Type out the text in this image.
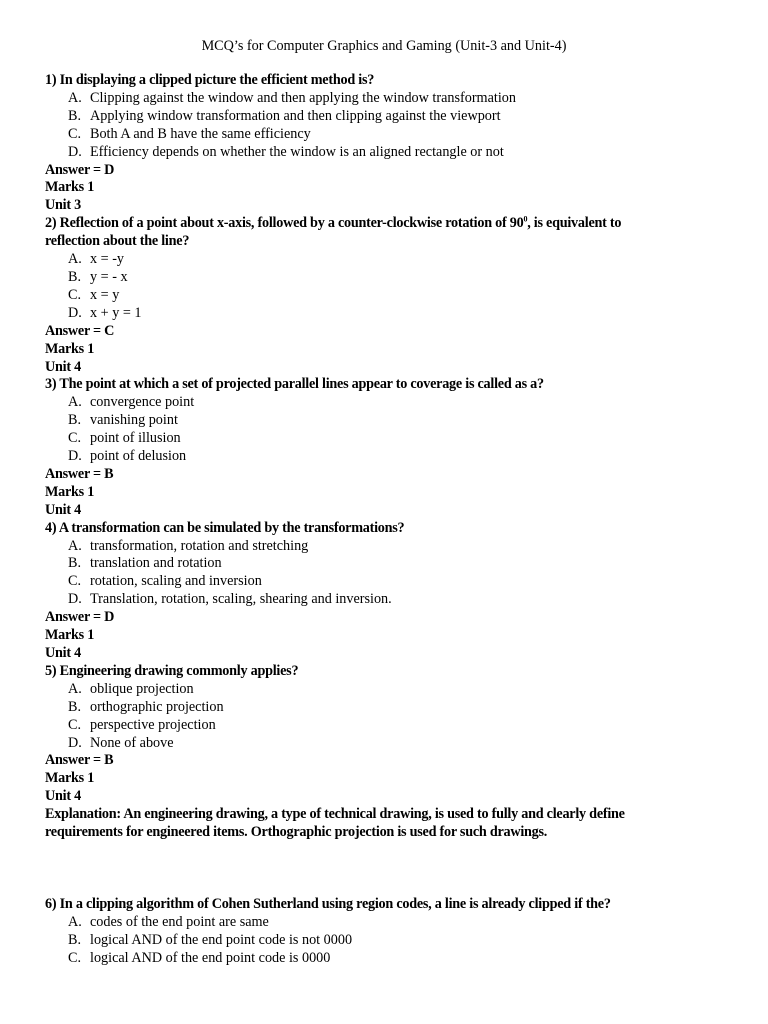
MCQ’s for Computer Graphics and Gaming (Unit-3 and Unit-4)
1) In displaying a clipped picture the efficient method is?
A. Clipping against the window and then applying the window transformation
B. Applying window transformation and then clipping against the viewport
C. Both A and B have the same efficiency
D. Efficiency depends on whether the window is an aligned rectangle or not
Answer = D
Marks 1
Unit 3
2) Reflection of a point about x-axis, followed by a counter-clockwise rotation of $90^0$, is equivalent to
reflection about the line?
A. x = -y
B. y = - x
C. x = y
D. x + y = 1
Answer = C
Marks 1
Unit 4
3) The point at which a set of projected parallel lines appear to coverage is called as a?
A. convergence point
B. vanishing point
C. point of illusion
D. point of delusion
Answer = B
Marks 1
Unit 4
4) A transformation can be simulated by the transformations?
A. transformation, rotation and stretching
B. translation and rotation
C. rotation, scaling and inversion
D. Translation, rotation, scaling, shearing and inversion.
Answer = D
Marks 1
Unit 4
5) Engineering drawing commonly applies?
A. oblique projection
B. orthographic projection
C. perspective projection
D. None of above
Answer = B
Marks 1
Unit 4
Explanation: An engineering drawing, a type of technical drawing, is used to fully and clearly define
requirements for engineered items. Orthographic projection is used for such drawings.
6) In a clipping algorithm of Cohen Sutherland using region codes, a line is already clipped if the?
A. codes of the end point are same
B. logical AND of the end point code is not 0000
C. logical AND of the end point code is 0000
